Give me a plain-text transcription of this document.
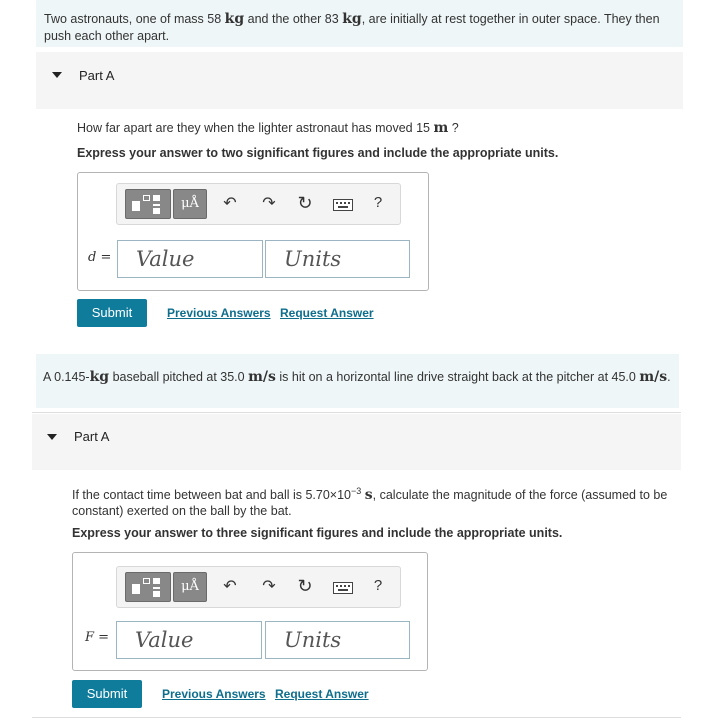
Two astronauts, one of mass 58 kg and the other 83 kg, are initially at rest together in outer space. They then push each other apart.
Part A
How far apart are they when the lighter astronaut has moved 15 m ?
Express your answer to two significant figures and include the appropriate units.
μÅ	↶ ↷ ↻	?
d =	Value	Units
Submit	Previous Answers Request Answer
A 0.145-kg baseball pitched at 35.0 m/s is hit on a horizontal line drive straight back at the pitcher at 45.0 m/s.
Part A
If the contact time between bat and ball is $5.70\times 10^{-3}$ s, calculate the magnitude of the force (assumed to be constant) exerted on the ball by the bat.
Express your answer to three significant figures and include the appropriate units.
μÅ	↶ ↷ ↻	?
F =	Value	Units
Submit	Previous Answers Request Answer
